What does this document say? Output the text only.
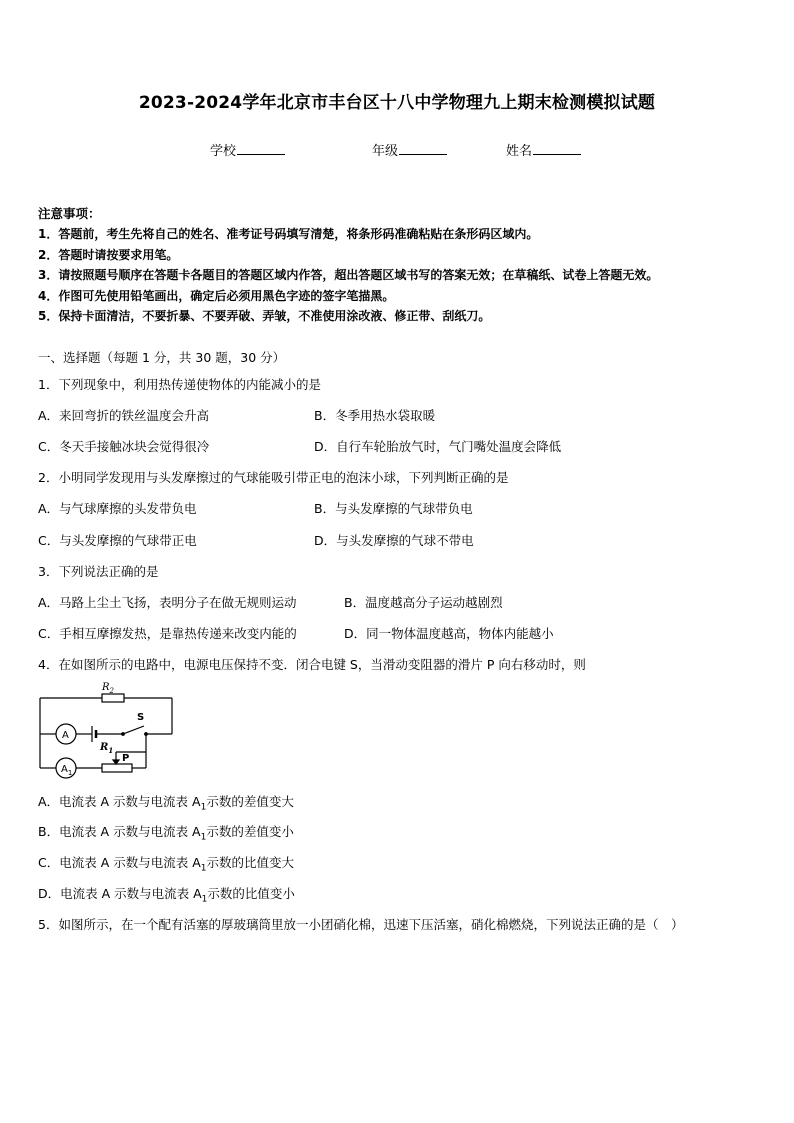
2023-2024学年北京市丰台区十八中学物理九上期末检测模拟试题
学校	年级	姓名
注意事项：
1．答题前，考生先将自己的姓名、准考证号码填写清楚，将条形码准确粘贴在条形码区域内。
2．答题时请按要求用笔。
3．请按照题号顺序在答题卡各题目的答题区域内作答，超出答题区域书写的答案无效；在草稿纸、试卷上答题无效。
4．作图可先使用铅笔画出，确定后必须用黑色字迹的签字笔描黑。
5．保持卡面清洁，不要折暴、不要弄破、弄皱，不准使用涂改液、修正带、刮纸刀。
一、选择题（每题 1 分，共 30 题，30 分）
1．下列现象中，利用热传递使物体的内能减小的是
A．来回弯折的铁丝温度会升高	B．冬季用热水袋取暖
C．冬天手接触冰块会觉得很冷	D．自行车轮胎放气时，气门嘴处温度会降低
2．小明同学发现用与头发摩擦过的气球能吸引带正电的泡沫小球，下列判断正确的是
A．与气球摩擦的头发带负电	B．与头发摩擦的气球带负电
C．与头发摩擦的气球带正电	D．与头发摩擦的气球不带电
3．下列说法正确的是
A．马路上尘土飞扬，表明分子在做无规则运动	B．温度越高分子运动越剧烈
C．手相互摩擦发热，是靠热传递来改变内能的	D．同一物体温度越高，物体内能越小
4．在如图所示的电路中，电源电压保持不变．闭合电键 S，当滑动变阻器的滑片 P 向右移动时，则
$R_2$
A
$A_1$
S
$R_1$
P
A．电流表 A 示数与电流表 $A_1$示数的差值变大
B．电流表 A 示数与电流表 $A_1$示数的差值变小
C．电流表 A 示数与电流表 $A_1$示数的比值变大
D．电流表 A 示数与电流表 $A_1$示数的比值变小
5．如图所示，在一个配有活塞的厚玻璃筒里放一小团硝化棉，迅速下压活塞，硝化棉燃烧，下列说法正确的是（　）
